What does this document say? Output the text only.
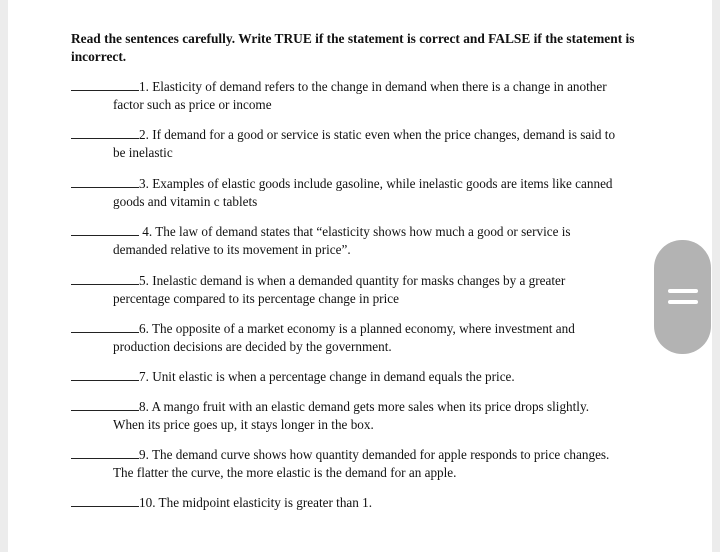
Read the sentences carefully. Write TRUE if the statement is correct and FALSE if the statement is incorrect.
1. Elasticity of demand refers to the change in demand when there is a change in another
factor such as price or income
2. If demand for a good or service is static even when the price changes, demand is said to
be inelastic
3. Examples of elastic goods include gasoline, while inelastic goods are items like canned
goods and vitamin c tablets
4. The law of demand states that “elasticity shows how much a good or service is
demanded relative to its movement in price”.
5. Inelastic demand is when a demanded quantity for masks changes by a greater
percentage compared to its percentage change in price
6. The opposite of a market economy is a planned economy, where investment and
production decisions are decided by the government.
7. Unit elastic is when a percentage change in demand equals the price.
8. A mango fruit with an elastic demand gets more sales when its price drops slightly.
When its price goes up, it stays longer in the box.
9. The demand curve shows how quantity demanded for apple responds to price changes.
The flatter the curve, the more elastic is the demand for an apple.
10. The midpoint elasticity is greater than 1.
